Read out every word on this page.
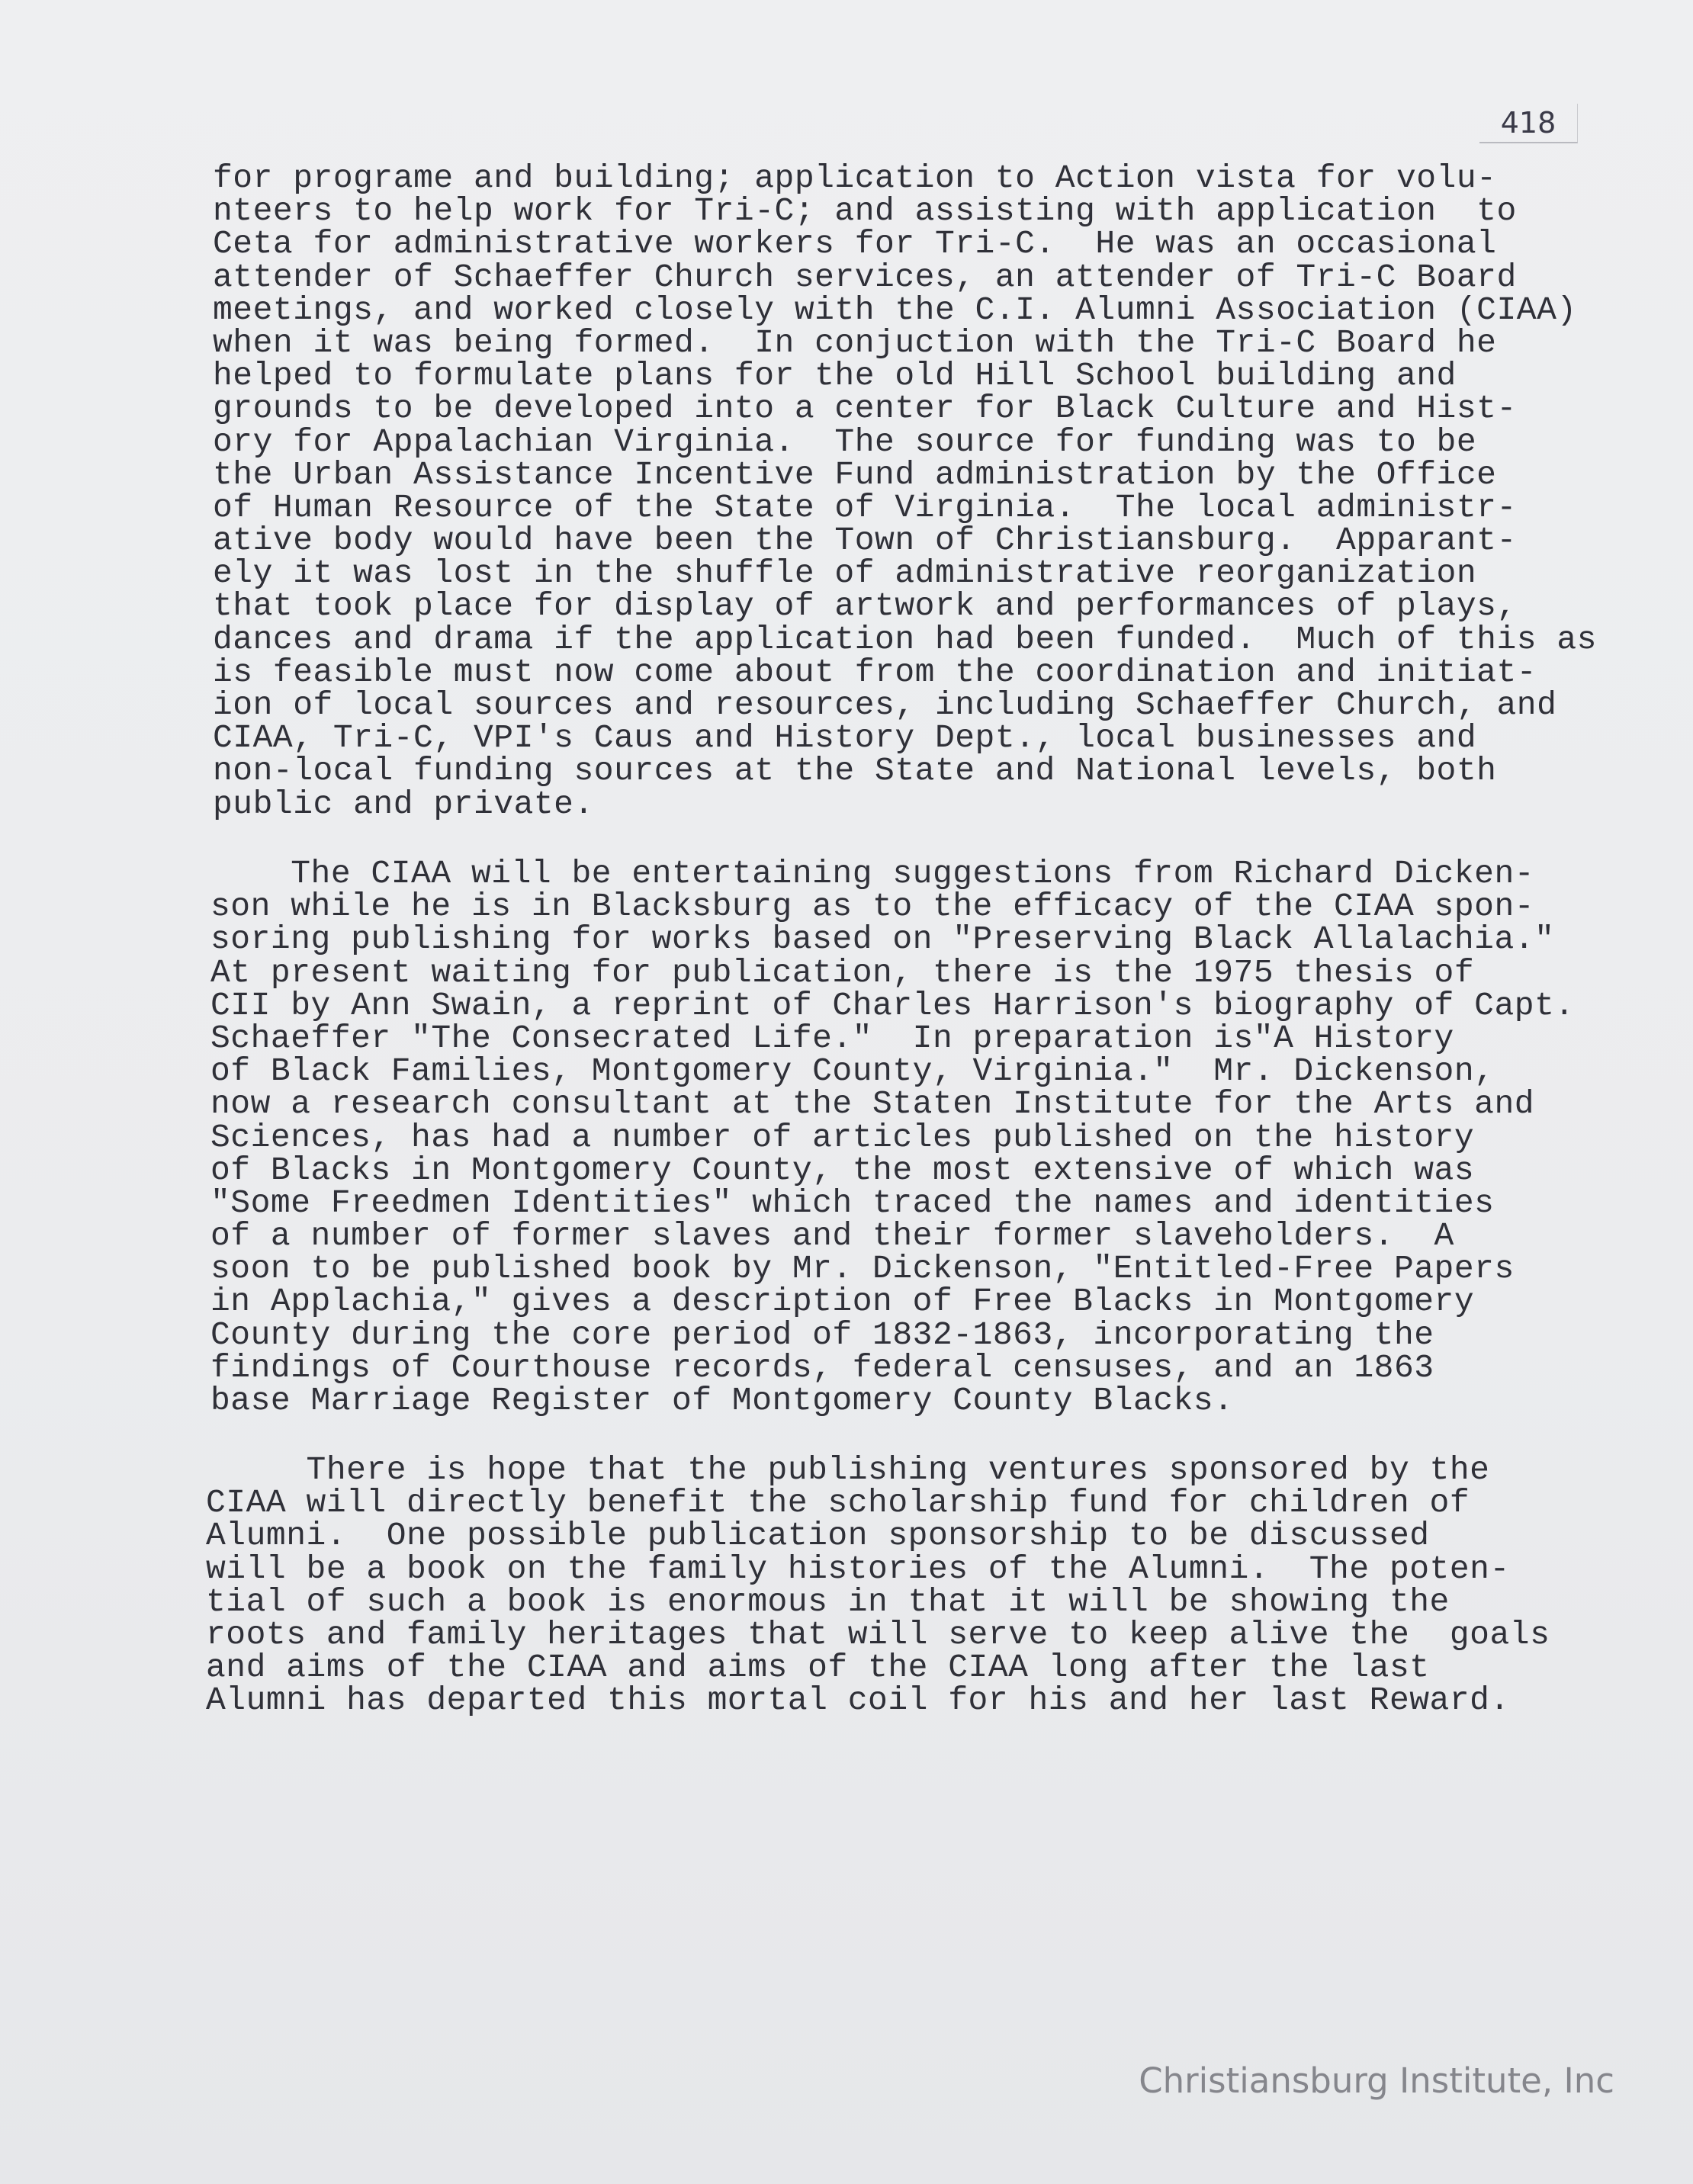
418
for programe and building; application to Action vista for volu-
nteers to help work for Tri-C; and assisting with application  to
Ceta for administrative workers for Tri-C.  He was an occasional
attender of Schaeffer Church services, an attender of Tri-C Board
meetings, and worked closely with the C.I. Alumni Association (CIAA)
when it was being formed.  In conjuction with the Tri-C Board he
helped to formulate plans for the old Hill School building and
grounds to be developed into a center for Black Culture and Hist-
ory for Appalachian Virginia.  The source for funding was to be
the Urban Assistance Incentive Fund administration by the Office
of Human Resource of the State of Virginia.  The local administr-
ative body would have been the Town of Christiansburg.  Apparant-
ely it was lost in the shuffle of administrative reorganization
that took place for display of artwork and performances of plays,
dances and drama if the application had been funded.  Much of this as
is feasible must now come about from the coordination and initiat-
ion of local sources and resources, including Schaeffer Church, and
CIAA, Tri-C, VPI's Caus and History Dept., local businesses and
non-local funding sources at the State and National levels, both
public and private.
The CIAA will be entertaining suggestions from Richard Dicken-
son while he is in Blacksburg as to the efficacy of the CIAA spon-
soring publishing for works based on "Preserving Black Allalachia."
At present waiting for publication, there is the 1975 thesis of
CII by Ann Swain, a reprint of Charles Harrison's biography of Capt.
Schaeffer "The Consecrated Life."  In preparation is"A History
of Black Families, Montgomery County, Virginia."  Mr. Dickenson,
now a research consultant at the Staten Institute for the Arts and
Sciences, has had a number of articles published on the history
of Blacks in Montgomery County, the most extensive of which was
"Some Freedmen Identities" which traced the names and identities
of a number of former slaves and their former slaveholders.  A
soon to be published book by Mr. Dickenson, "Entitled-Free Papers
in Applachia," gives a description of Free Blacks in Montgomery
County during the core period of 1832-1863, incorporating the
findings of Courthouse records, federal censuses, and an 1863
base Marriage Register of Montgomery County Blacks.
There is hope that the publishing ventures sponsored by the
CIAA will directly benefit the scholarship fund for children of
Alumni.  One possible publication sponsorship to be discussed
will be a book on the family histories of the Alumni.  The poten-
tial of such a book is enormous in that it will be showing the
roots and family heritages that will serve to keep alive the  goals
and aims of the CIAA and aims of the CIAA long after the last
Alumni has departed this mortal coil for his and her last Reward.
Christiansburg Institute, Inc
